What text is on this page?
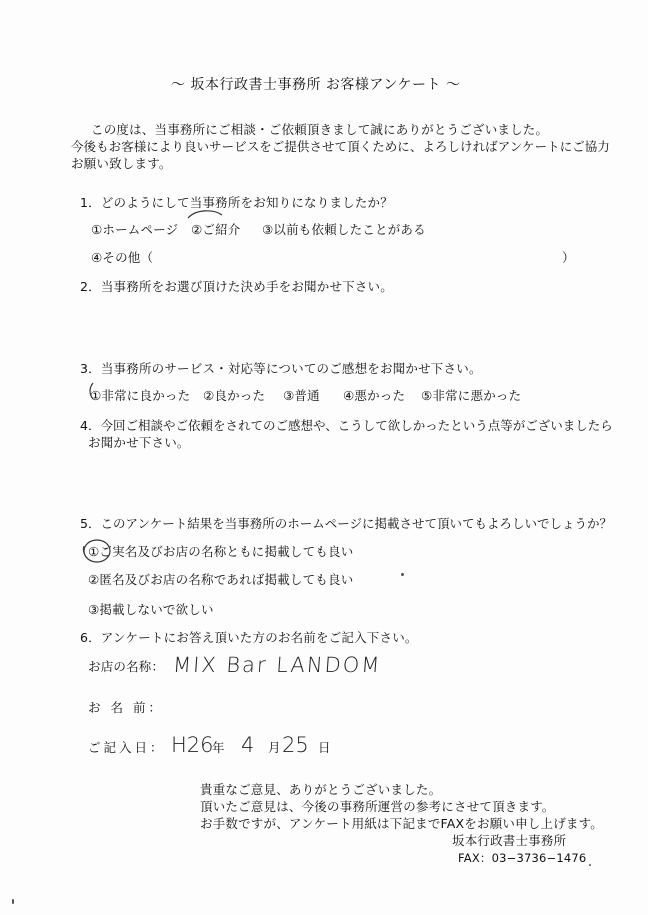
〜 坂本行政書士事務所 お客様アンケート 〜
この度は、当事務所にご相談・ご依頼頂きまして誠にありがとうございました。
今後もお客様により良いサービスをご提供させて頂くために、よろしければアンケートにご協力
お願い致します。
1．どのようにして当事務所をお知りになりましたか？
①ホームページ ②ご紹介 ③以前も依頼したことがある
④その他（	）
2．当事務所をお選び頂けた決め手をお聞かせ下さい。
3．当事務所のサービス・対応等についてのご感想をお聞かせ下さい。
①非常に良かった ②良かった ③普通 ④悪かった ⑤非常に悪かった
4．今回ご相談やご依頼をされてのご感想や、こうして欲しかったという点等がございましたら
お聞かせ下さい。
5．このアンケート結果を当事務所のホームページに掲載させて頂いてもよろしいでしょうか？
①ご実名及びお店の名称ともに掲載しても良い
②匿名及びお店の名称であれば掲載しても良い
③掲載しないで欲しい
6．アンケートにお答え頂いた方のお名前をご記入下さい。
お店の名称： MIX Bar LANDOM
お 名 前：
ご記入日： H26
年 4 月 25 日
貴重なご意見、ありがとうございました。
頂いたご意見は、今後の事務所運営の参考にさせて頂きます。
お手数ですが、アンケート用紙は下記までFAXをお願い申し上げます。
坂本行政書士事務所
FAX：03−3736−1476
